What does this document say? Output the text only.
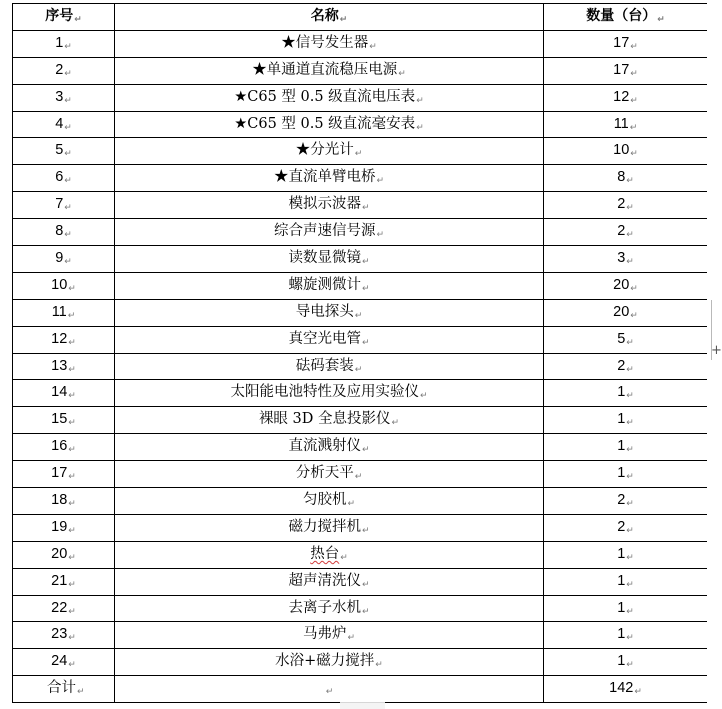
序号↵	名称↵	数量（台）↵
1↵	★信号发生器↵	17↵
2↵	★单通道直流稳压电源↵	17↵
3↵	★C65 型 0.5 级直流电压表↵	12↵
4↵	★C65 型 0.5 级直流毫安表↵	11↵
5↵	★分光计↵	10↵
6↵	★直流单臂电桥↵	8↵
7↵	模拟示波器↵	2↵
8↵	综合声速信号源↵	2↵
9↵	读数显微镜↵	3↵
10↵	螺旋测微计↵	20↵
11↵	导电探头↵	20↵
12↵	真空光电管↵	5↵
13↵	砝码套装↵	2↵
14↵	太阳能电池特性及应用实验仪↵	1↵
15↵	裸眼 3D 全息投影仪↵	1↵
16↵	直流溅射仪↵	1↵
17↵	分析天平↵	1↵
18↵	匀胶机↵	2↵
19↵	磁力搅拌机↵	2↵
20↵	热台↵	1↵
21↵	超声清洗仪↵	1↵
22↵	去离子水机↵	1↵
23↵	马弗炉↵	1↵
24↵	水浴+磁力搅拌↵	1↵
合计↵	↵	142↵
+
